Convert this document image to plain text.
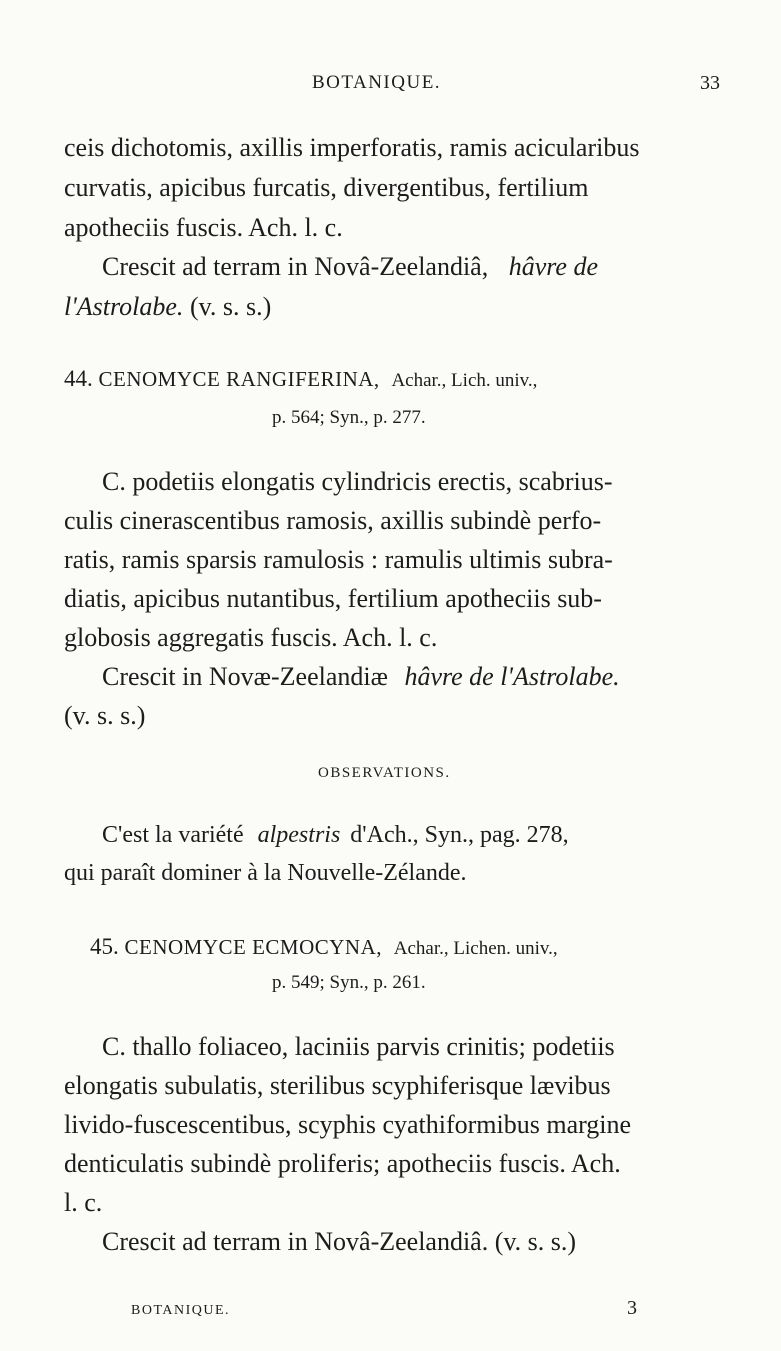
BOTANIQUE.	33
ceis dichotomis, axillis imperforatis, ramis acicularibus
curvatis, apicibus furcatis, divergentibus, fertilium
apotheciis fuscis. Ach. l. c.
Crescit ad terram in Novâ-Zeelandiâ, hâvre de
l'Astrolabe. (v. s. s.)
44. CENOMYCE RANGIFERINA, Achar., Lich. univ.,
p. 564; Syn., p. 277.
C. podetiis elongatis cylindricis erectis, scabrius-
culis cinerascentibus ramosis, axillis subindè perfo-
ratis, ramis sparsis ramulosis : ramulis ultimis subra-
diatis, apicibus nutantibus, fertilium apotheciis sub-
globosis aggregatis fuscis. Ach. l. c.
Crescit in Novæ-Zeelandiæ hâvre de l'Astrolabe.
(v. s. s.)
OBSERVATIONS.
C'est la variété alpestris d'Ach., Syn., pag. 278,
qui paraît dominer à la Nouvelle-Zélande.
45. CENOMYCE ECMOCYNA, Achar., Lichen. univ.,
p. 549; Syn., p. 261.
C. thallo foliaceo, laciniis parvis crinitis; podetiis
elongatis subulatis, sterilibus scyphiferisque lævibus
livido-fuscescentibus, scyphis cyathiformibus margine
denticulatis subindè proliferis; apotheciis fuscis. Ach.
l. c.
Crescit ad terram in Novâ-Zeelandiâ. (v. s. s.)
BOTANIQUE.	3
